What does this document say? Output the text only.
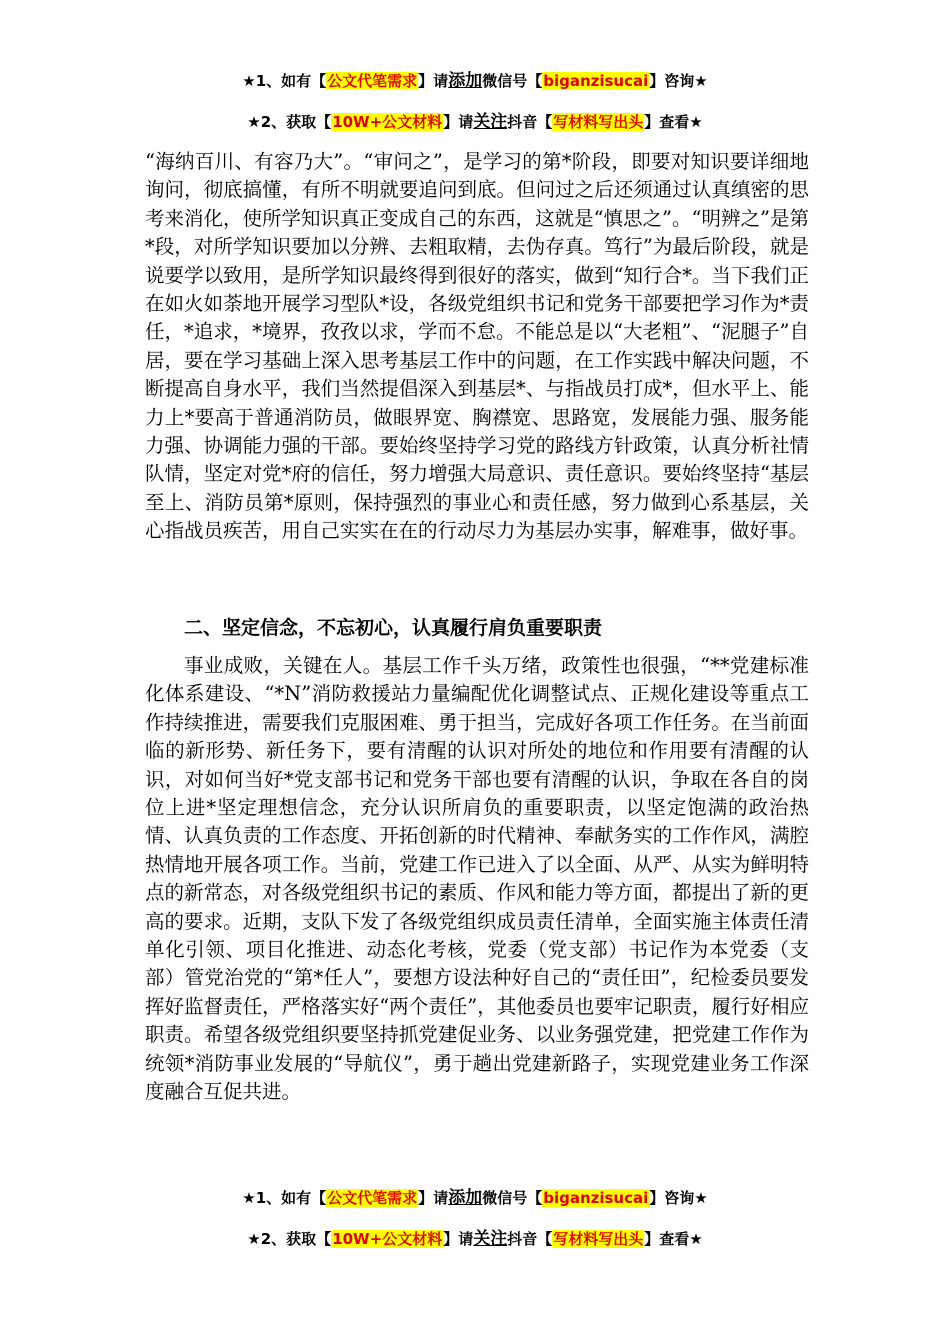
★1、如有【公文代笔需求】请添加微信号【biganzisucai】咨询★
★2、获取【10W+公文材料】请关注抖音【写材料写出头】查看★

“海纳百川、有容乃大”。“审问之”，是学习的第*阶段，即要对知识要详细地询问，彻底搞懂，有所不明就要追问到底。但问过之后还须通过认真缜密的思考来消化，使所学知识真正变成自己的东西，这就是“慎思之”。“明辨之”是第*段，对所学知识要加以分辨、去粗取精，去伪存真。笃行”为最后阶段，就是说要学以致用，是所学知识最终得到很好的落实，做到“知行合*。当下我们正在如火如荼地开展学习型队*设，各级党组织书记和党务干部要把学习作为*责任，*追求，*境界，孜孜以求，学而不怠。不能总是以“大老粗”、“泥腿子”自居，要在学习基础上深入思考基层工作中的问题，在工作实践中解决问题，不断提高自身水平，我们当然提倡深入到基层*、与指战员打成*，但水平上、能力上*要高于普通消防员，做眼界宽、胸襟宽、思路宽，发展能力强、服务能力强、协调能力强的干部。要始终坚持学习党的路线方针政策，认真分析社情队情，坚定对党*府的信任，努力增强大局意识、责任意识。要始终坚持“基层至上、消防员第*原则，保持强烈的事业心和责任感，努力做到心系基层，关心指战员疾苦，用自己实实在在的行动尽力为基层办实事，解难事，做好事。

二、坚定信念，不忘初心，认真履行肩负重要职责

事业成败，关键在人。基层工作千头万绪，政策性也很强，“**党建标准化体系建设、“*N”消防救援站力量编配优化调整试点、正规化建设等重点工作持续推进，需要我们克服困难、勇于担当，完成好各项工作任务。在当前面临的新形势、新任务下，要有清醒的认识对所处的地位和作用要有清醒的认识，对如何当好*党支部书记和党务干部也要有清醒的认识，争取在各自的岗位上进*坚定理想信念，充分认识所肩负的重要职责，以坚定饱满的政治热情、认真负责的工作态度、开拓创新的时代精神、奉献务实的工作作风，满腔热情地开展各项工作。当前，党建工作已进入了以全面、从严、从实为鲜明特点的新常态，对各级党组织书记的素质、作风和能力等方面，都提出了新的更高的要求。近期，支队下发了各级党组织成员责任清单，全面实施主体责任清单化引领、项目化推进、动态化考核，党委（党支部）书记作为本党委（支部）管党治党的“第*任人”，要想方设法种好自己的“责任田”，纪检委员要发挥好监督责任，严格落实好“两个责任”，其他委员也要牢记职责，履行好相应职责。希望各级党组织要坚持抓党建促业务、以业务强党建，把党建工作作为统领*消防事业发展的“导航仪”，勇于趟出党建新路子，实现党建业务工作深度融合互促共进。

★1、如有【公文代笔需求】请添加微信号【biganzisucai】咨询★
★2、获取【10W+公文材料】请关注抖音【写材料写出头】查看★
